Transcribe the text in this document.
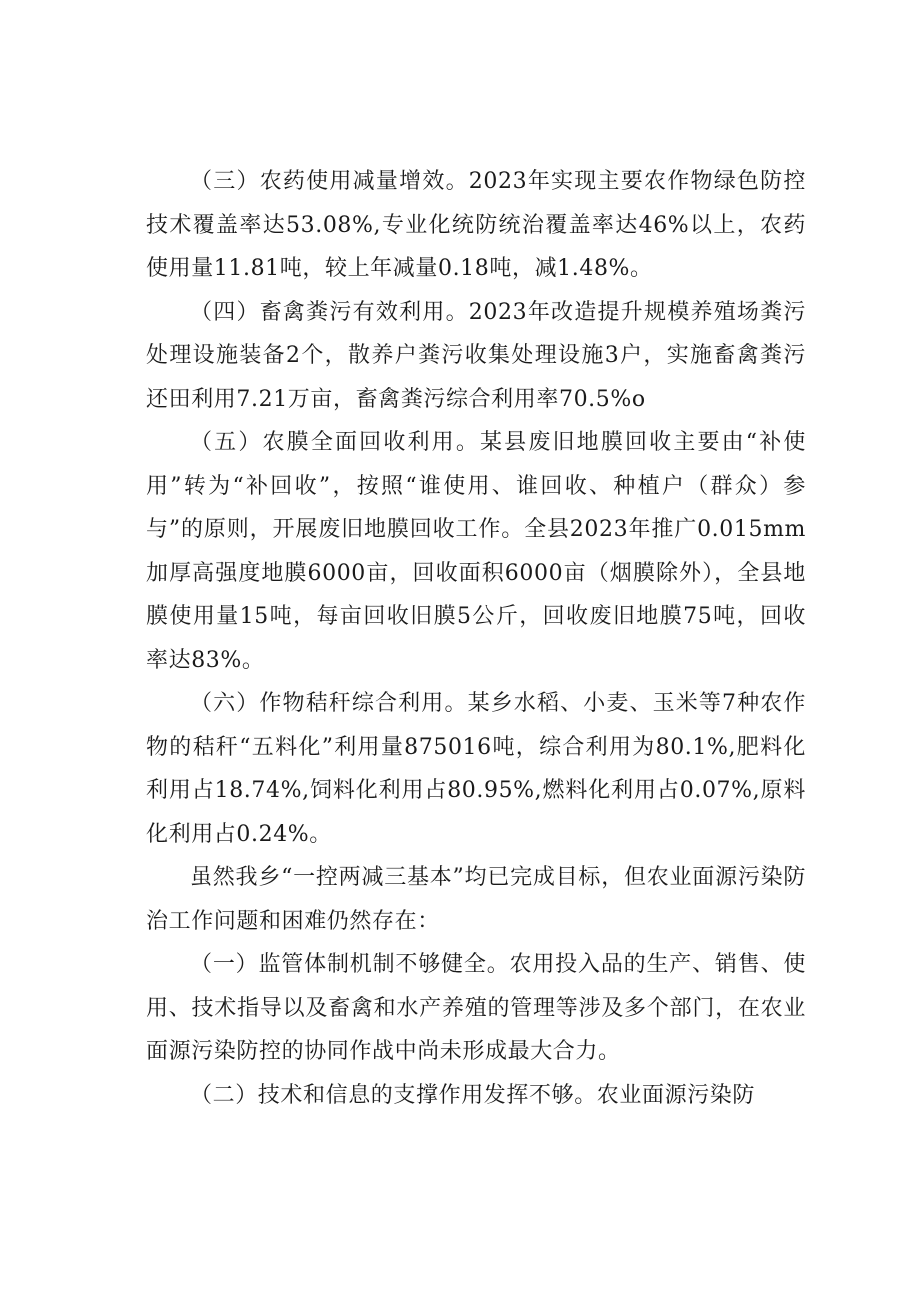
（三）农药使用减量增效。2023年实现主要农作物绿色防控技术覆盖率达53.08%,专业化统防统治覆盖率达46%以上，农药使用量11.81吨，较上年减量0.18吨，减1.48%。

（四）畜禽粪污有效利用。2023年改造提升规模养殖场粪污处理设施装备2个，散养户粪污收集处理设施3户，实施畜禽粪污还田利用7.21万亩，畜禽粪污综合利用率70.5%o

（五）农膜全面回收利用。某县废旧地膜回收主要由“补使用”转为“补回收”，按照“谁使用、谁回收、种植户（群众）参与”的原则，开展废旧地膜回收工作。全县2023年推广0.015mm加厚高强度地膜6000亩，回收面积6000亩（烟膜除外），全县地膜使用量15吨，每亩回收旧膜5公斤，回收废旧地膜75吨，回收率达83%。

（六）作物秸秆综合利用。某乡水稻、小麦、玉米等7种农作物的秸秆“五料化”利用量875016吨，综合利用为80.1%,肥料化利用占18.74%,饲料化利用占80.95%,燃料化利用占0.07%,原料化利用占0.24%。

虽然我乡“一控两减三基本”均已完成目标，但农业面源污染防治工作问题和困难仍然存在：

（一）监管体制机制不够健全。农用投入品的生产、销售、使用、技术指导以及畜禽和水产养殖的管理等涉及多个部门，在农业面源污染防控的协同作战中尚未形成最大合力。

（二）技术和信息的支撑作用发挥不够。农业面源污染防
